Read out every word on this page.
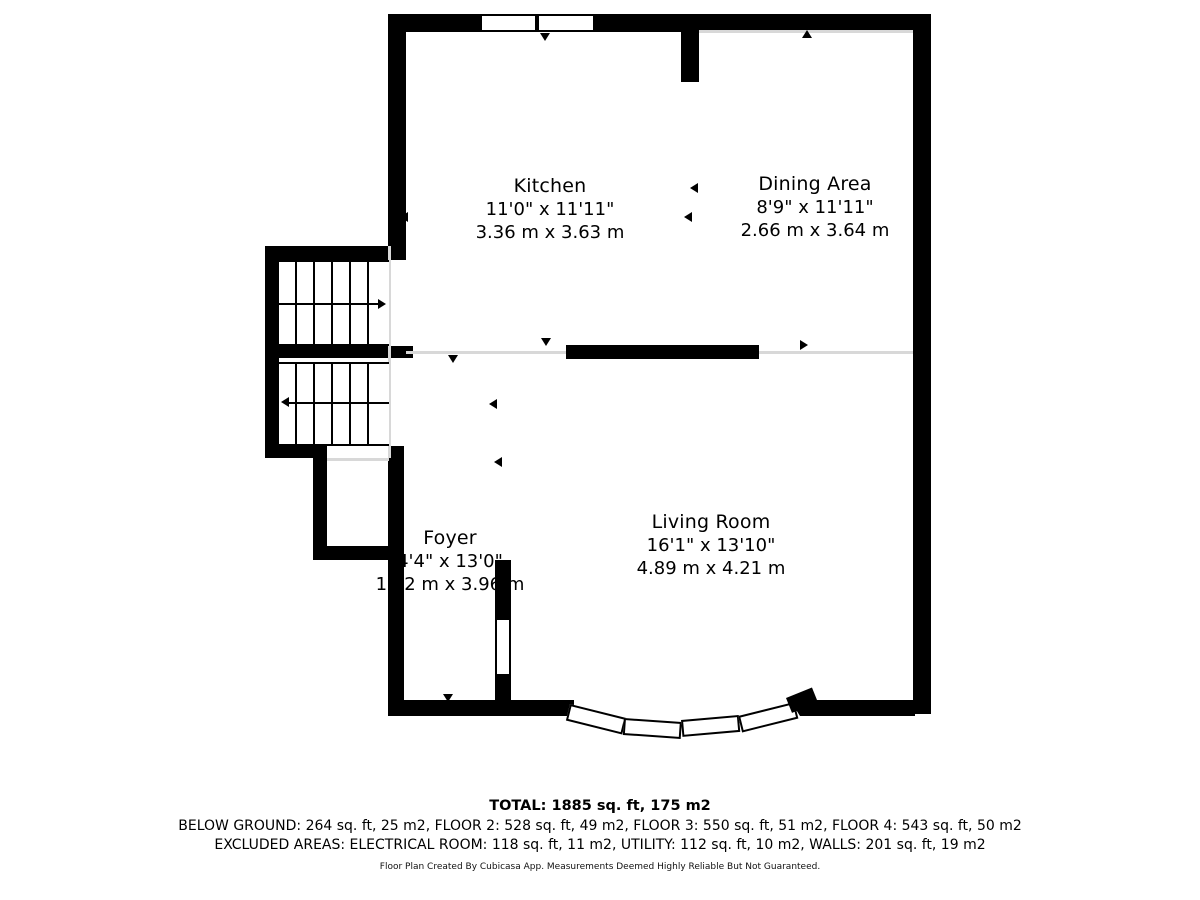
Kitchen
11'0" x 11'11"
3.36 m x 3.63 m
Dining Area
8'9" x 11'11"
2.66 m x 3.64 m
Living Room
16'1" x 13'10"
4.89 m x 4.21 m
Foyer
4'4" x 13'0"
1.32 m x 3.96 m
TOTAL: 1885 sq. ft, 175 m2
BELOW GROUND: 264 sq. ft, 25 m2, FLOOR 2: 528 sq. ft, 49 m2, FLOOR 3: 550 sq. ft, 51 m2, FLOOR 4: 543 sq. ft, 50 m2
EXCLUDED AREAS: ELECTRICAL ROOM: 118 sq. ft, 11 m2, UTILITY: 112 sq. ft, 10 m2, WALLS: 201 sq. ft, 19 m2
Floor Plan Created By Cubicasa App. Measurements Deemed Highly Reliable But Not Guaranteed.
